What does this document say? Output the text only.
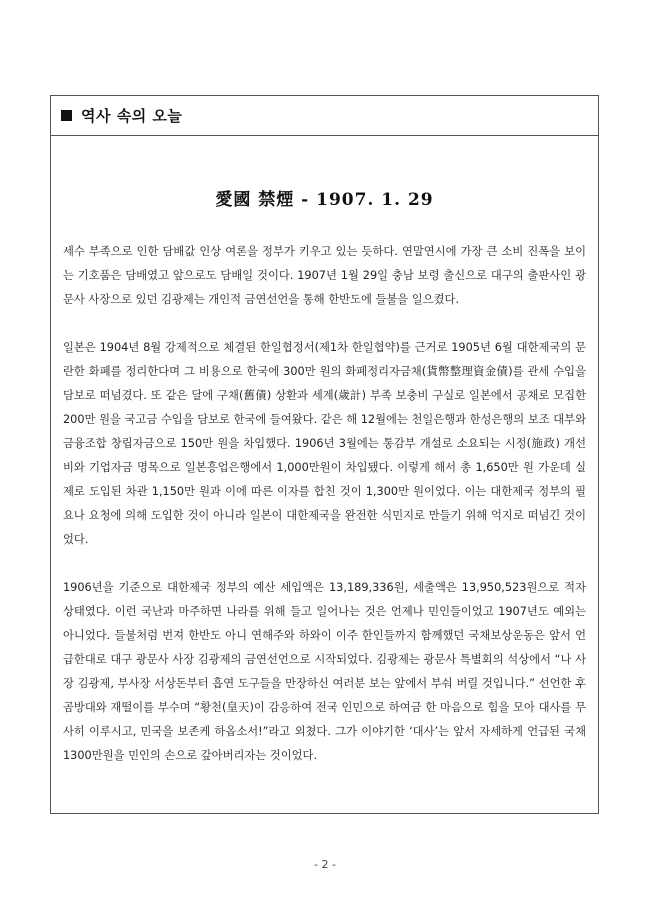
역사 속의 오늘
愛國 禁煙 - 1907. 1. 29

세수 부족으로 인한 담배값 인상 여론을 정부가 키우고 있는 듯하다. 연말연시에 가장 큰 소비 진폭을 보이는 기호품은 담배였고 앞으로도 담배일 것이다. 1907년 1월 29일 충남 보령 출신으로 대구의 출판사인 광문사 사장으로 있던 김광제는 개인적 금연선언을 통해 한반도에 들불을 일으켰다.

일본은 1904년 8월 강제적으로 체결된 한일협정서(제1차 한일협약)를 근거로 1905년 6월 대한제국의 문란한 화폐를 정리한다며 그 비용으로 한국에 300만 원의 화폐정리자금채(貨幣整理資金債)를 관세 수입을 담보로 떠넘겼다. 또 같은 달에 구채(舊債) 상환과 세계(歲計) 부족 보충비 구실로 일본에서 공채로 모집한 200만 원을 국고금 수입을 담보로 한국에 들여왔다. 같은 해 12월에는 천일은행과 한성은행의 보조 대부와 금융조합 창립자금으로 150만 원을 차입했다. 1906년 3월에는 통감부 개설로 소요되는 시정(施政) 개선비와 기업자금 명목으로 일본흥업은행에서 1,000만원이 차입됐다. 이렇게 해서 총 1,650만 원 가운데 실제로 도입된 차관 1,150만 원과 이에 따른 이자를 합친 것이 1,300만 원이었다. 이는 대한제국 정부의 필요나 요청에 의해 도입한 것이 아니라 일본이 대한제국을 완전한 식민지로 만들기 위해 억지로 떠넘긴 것이었다.

1906년을 기준으로 대한제국 정부의 예산 세입액은 13,189,336원, 세출액은 13,950,523원으로 적자 상태였다. 이런 국난과 마주하면 나라를 위해 들고 일어나는 것은 언제나 민인들이었고 1907년도 예외는 아니었다. 들불처럼 번져 한반도 아니 연해주와 하와이 이주 한인들까지 함께했던 국채보상운동은 앞서 언급한대로 대구 광문사 사장 김광제의 금연선언으로 시작되었다. 김광제는 광문사 특별회의 석상에서 “나 사장 김광제, 부사장 서상돈부터 흡연 도구들을 만장하신 여러분 보는 앞에서 부숴 버릴 것입니다.” 선언한 후 곰방대와 재떨이를 부수며 “황천(皇天)이 감응하여 전국 인민으로 하여금 한 마음으로 힘을 모아 대사를 무사히 이루시고, 민국을 보존케 하옵소서!”라고 외쳤다. 그가 이야기한 ‘대사’는 앞서 자세하게 언급된 국채 1300만원을 민인의 손으로 갚아버리자는 것이었다.

- 2 -
